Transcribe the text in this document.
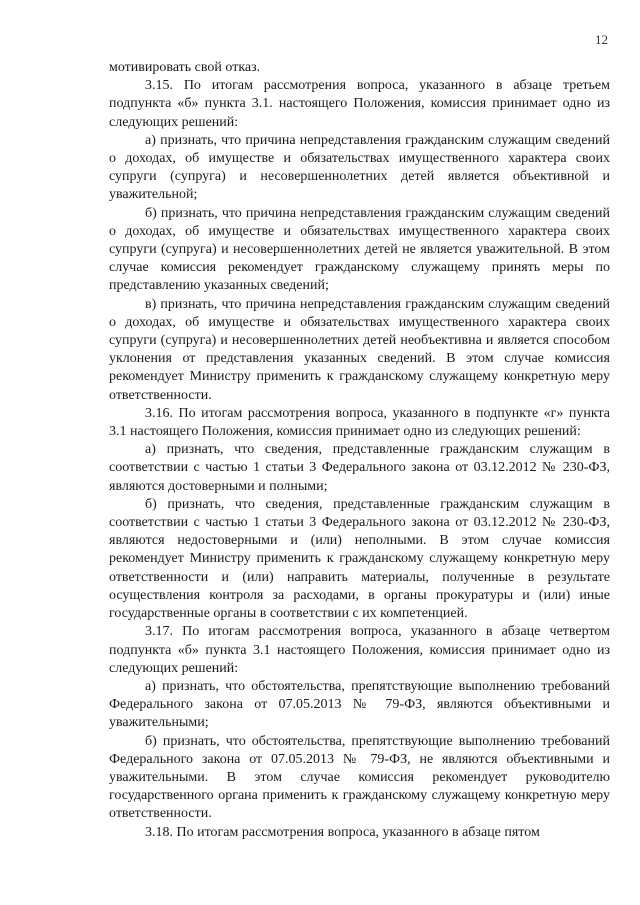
12

мотивировать свой отказ.

3.15. По итогам рассмотрения вопроса, указанного в абзаце третьем подпункта «б» пункта 3.1. настоящего Положения, комиссия принимает одно из следующих решений:

а) признать, что причина непредставления гражданским служащим сведений о доходах, об имуществе и обязательствах имущественного характера своих супруги (супруга) и несовершеннолетних детей является объективной и уважительной;

б) признать, что причина непредставления гражданским служащим сведений о доходах, об имуществе и обязательствах имущественного характера своих супруги (супруга) и несовершеннолетних детей не является уважительной. В этом случае комиссия рекомендует гражданскому служащему принять меры по представлению указанных сведений;

в) признать, что причина непредставления гражданским служащим сведений о доходах, об имуществе и обязательствах имущественного характера своих супруги (супруга) и несовершеннолетних детей необъективна и является способом уклонения от представления указанных сведений. В этом случае комиссия рекомендует Министру применить к гражданскому служащему конкретную меру ответственности.

3.16. По итогам рассмотрения вопроса, указанного в подпункте «г» пункта 3.1 настоящего Положения, комиссия принимает одно из следующих решений:

а) признать, что сведения, представленные гражданским служащим в соответствии с частью 1 статьи 3 Федерального закона от 03.12.2012 № 230-ФЗ, являются достоверными и полными;

б) признать, что сведения, представленные гражданским служащим в соответствии с частью 1 статьи 3 Федерального закона от 03.12.2012 № 230-ФЗ, являются недостоверными и (или) неполными. В этом случае комиссия рекомендует Министру применить к гражданскому служащему конкретную меру ответственности и (или) направить материалы, полученные в результате осуществления контроля за расходами, в органы прокуратуры и (или) иные государственные органы в соответствии с их компетенцией.

3.17. По итогам рассмотрения вопроса, указанного в абзаце четвертом подпункта «б» пункта 3.1 настоящего Положения, комиссия принимает одно из следующих решений:

а) признать, что обстоятельства, препятствующие выполнению требований Федерального закона от 07.05.2013 № 79-ФЗ, являются объективными и уважительными;

б) признать, что обстоятельства, препятствующие выполнению требований Федерального закона от 07.05.2013 № 79-ФЗ, не являются объективными и уважительными. В этом случае комиссия рекомендует руководителю государственного органа применить к гражданскому служащему конкретную меру ответственности.

3.18. По итогам рассмотрения вопроса, указанного в абзаце пятом
